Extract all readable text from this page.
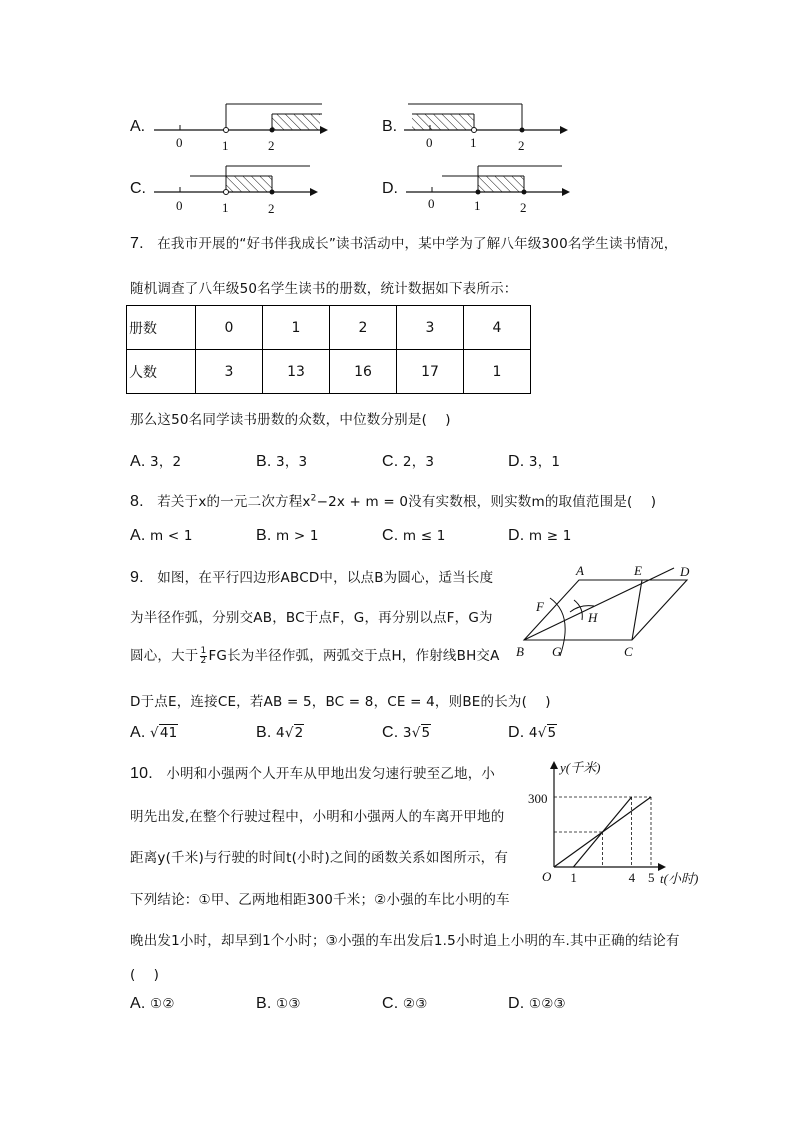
A.
0	1	2
B.
0	1	2
C.
0	1	2
D.
0	1	2
7. 在我市开展的“好书伴我成长”读书活动中，某中学为了解八年级300名学生读书情况，
随机调查了八年级50名学生读书的册数，统计数据如下表所示：
册数	0	1	2	3	4
人数	3	13	16	17	1
那么这50名同学读书册数的众数，中位数分别是(　 )
A. 3，2	B. 3，3	C. 2，3	D. 3，1
8. 若关于x的一元二次方程$x^2-2x + m = 0$没有实数根，则实数m的取值范围是(　 )
A. m < 1	B. m > 1	C. m ≤ 1	D. m ≥ 1
9. 如图，在平行四边形ABCD中，以点B为圆心，适当长度
为半径作弧，分别交AB，BC于点F，G，再分别以点F，G为
圆心，大于 $\frac{1}{2}$ FG长为半径作弧，两弧交于点H，作射线BH交A
D于点E，连接CE，若AB = 5，BC = 8，CE = 4，则BE的长为(　 )
A	E	D
F
H
B G	C
A. √41	B. 4√2	C. 3√5	D. 4√5
10. 小明和小强两个人开车从甲地出发匀速行驶至乙地，小
明先出发,在整个行驶过程中，小明和小强两人的车离开甲地的
距离y(千米)与行驶的时间t(小时)之间的函数关系如图所示，有
下列结论：①甲、乙两地相距300千米；②小强的车比小明的车
晚出发1小时，却早到1个小时；③小强的车出发后1.5小时追上小明的车.其中正确的结论有
(　 )
y(千米)
t(小时)
O
300
1	4 5
A. ①②	B. ①③	C. ②③	D. ①②③
